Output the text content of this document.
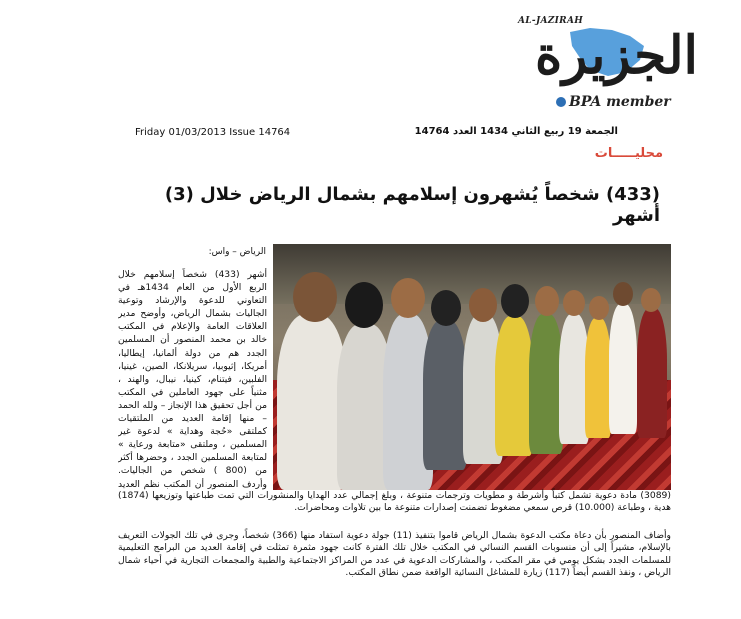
الجزيرة
AL-JAZIRAH
BPA member
Friday 01/03/2013 Issue 14764	الجمعة 19 ربيع الثاني 1434 العدد 14764
محليـــــات
(433) شخصاً يُشهرون إسلامهم بشمال الرياض خلال (3) أشهر
الرياض – واس:
أشهر (433) شخصاً إسلامهم خلال الربع الأول من العام 1434هـ في التعاوني للدعوة والإرشاد وتوعية الجاليات بشمال الرياض، وأوضح مدير العلاقات العامة والإعلام في المكتب خالد بن محمد المنصور أن المسلمين الجدد هم من دولة ألمانيا، إيطاليا، أمريكا، إثيوبيا، سريلانكا، الصين، غينيا، الفلبين، فيتنام، كينيا، نيبال، والهند ، مثنياً على جهود العاملين في المكتب من أجل تحقيق هذا الإنجاز – ولله الحمد – منها إقامة العديد من الملتقيات كملتقى «حُجة وهداية » لدعوة غير المسلمين ، وملتقى «متابعة ورعاية » لمتابعة المسلمين الجدد ، وحضرها أكثر من (800 ) شخص من الجاليات. وأردف المنصور أن المكتب نظم العديد
(3089) مادة دعوية تشمل كتباً وأشرطة و مطويات وترجمات متنوعة ، وبلغ إجمالي عدد الهدايا والمنشورات التي تمت طباعتها وتوزيعها (1874) هدية ، وطباعة (10.000) قرص سمعي مضغوط تضمنت إصدارات متنوعة ما بين تلاوات ومحاضرات.
وأضاف المنصور بأن دعاة مكتب الدعوة بشمال الرياض قاموا بتنفيذ (11) جولة دعوية استفاد منها (366) شخصاً، وجرى في تلك الجولات التعريف بالإسلام، مشيراً إلى أن منسوبات القسم النسائي في المكتب خلال تلك الفترة كانت جهود مثمرة تمثلت في إقامة العديد من البرامج التعليمية للمسلمات الجدد بشكل يومي في مقر المكتب ، والمشاركات الدعوية في عدد من المراكز الاجتماعية والطبية والمجمعات التجارية في أحياء شمال الرياض ، ونفذ القسم أيضاً (117) زيارة للمشاغل النسائية الواقعة ضمن نطاق المكتب.
